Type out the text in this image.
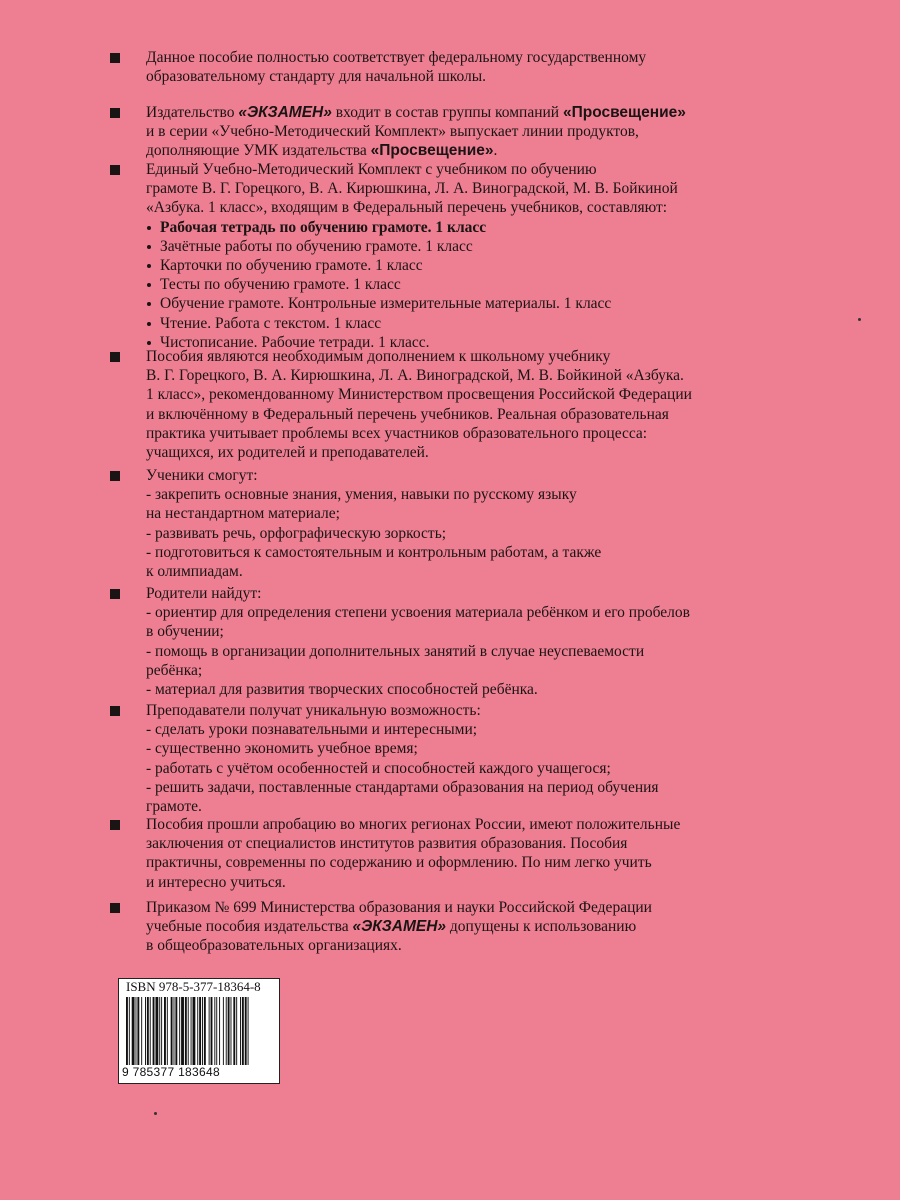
Данное пособие полностью соответствует федеральному государственному
образовательному стандарту для начальной школы.
Издательство «ЭКЗАМЕН» входит в состав группы компаний «Просвещение»
и в серии «Учебно-Методический Комплект» выпускает линии продуктов,
дополняющие УМК издательства «Просвещение».
Единый Учебно-Методический Комплект с учебником по обучению
грамоте В. Г. Горецкого, В. А. Кирюшкина, Л. А. Виноградской, М. В. Бойкиной
«Азбука. 1 класс», входящим в Федеральный перечень учебников, составляют:
Рабочая тетрадь по обучению грамоте. 1 класс
Зачётные работы по обучению грамоте. 1 класс
Карточки по обучению грамоте. 1 класс
Тесты по обучению грамоте. 1 класс
Обучение грамоте. Контрольные измерительные материалы. 1 класс
Чтение. Работа с текстом. 1 класс
Чистописание. Рабочие тетради. 1 класс.
Пособия являются необходимым дополнением к школьному учебнику
В. Г. Горецкого, В. А. Кирюшкина, Л. А. Виноградской, М. В. Бойкиной «Азбука.
1 класс», рекомендованному Министерством просвещения Российской Федерации
и включённому в Федеральный перечень учебников. Реальная образовательная
практика учитывает проблемы всех участников образовательного процесса:
учащихся, их родителей и преподавателей.
Ученики смогут:
- закрепить основные знания, умения, навыки по русскому языку
на нестандартном материале;
- развивать речь, орфографическую зоркость;
- подготовиться к самостоятельным и контрольным работам, а также
к олимпиадам.
Родители найдут:
- ориентир для определения степени усвоения материала ребёнком и его пробелов
в обучении;
- помощь в организации дополнительных занятий в случае неуспеваемости
ребёнка;
- материал для развития творческих способностей ребёнка.
Преподаватели получат уникальную возможность:
- сделать уроки познавательными и интересными;
- существенно экономить учебное время;
- работать с учётом особенностей и способностей каждого учащегося;
- решить задачи, поставленные стандартами образования на период обучения
грамоте.
Пособия прошли апробацию во многих регионах России, имеют положительные
заключения от специалистов институтов развития образования. Пособия
практичны, современны по содержанию и оформлению. По ним легко учить
и интересно учиться.
Приказом № 699 Министерства образования и науки Российской Федерации
учебные пособия издательства «ЭКЗАМЕН» допущены к использованию
в общеобразовательных организациях.
ISBN 978-5-377-18364-8
9 785377 183648
